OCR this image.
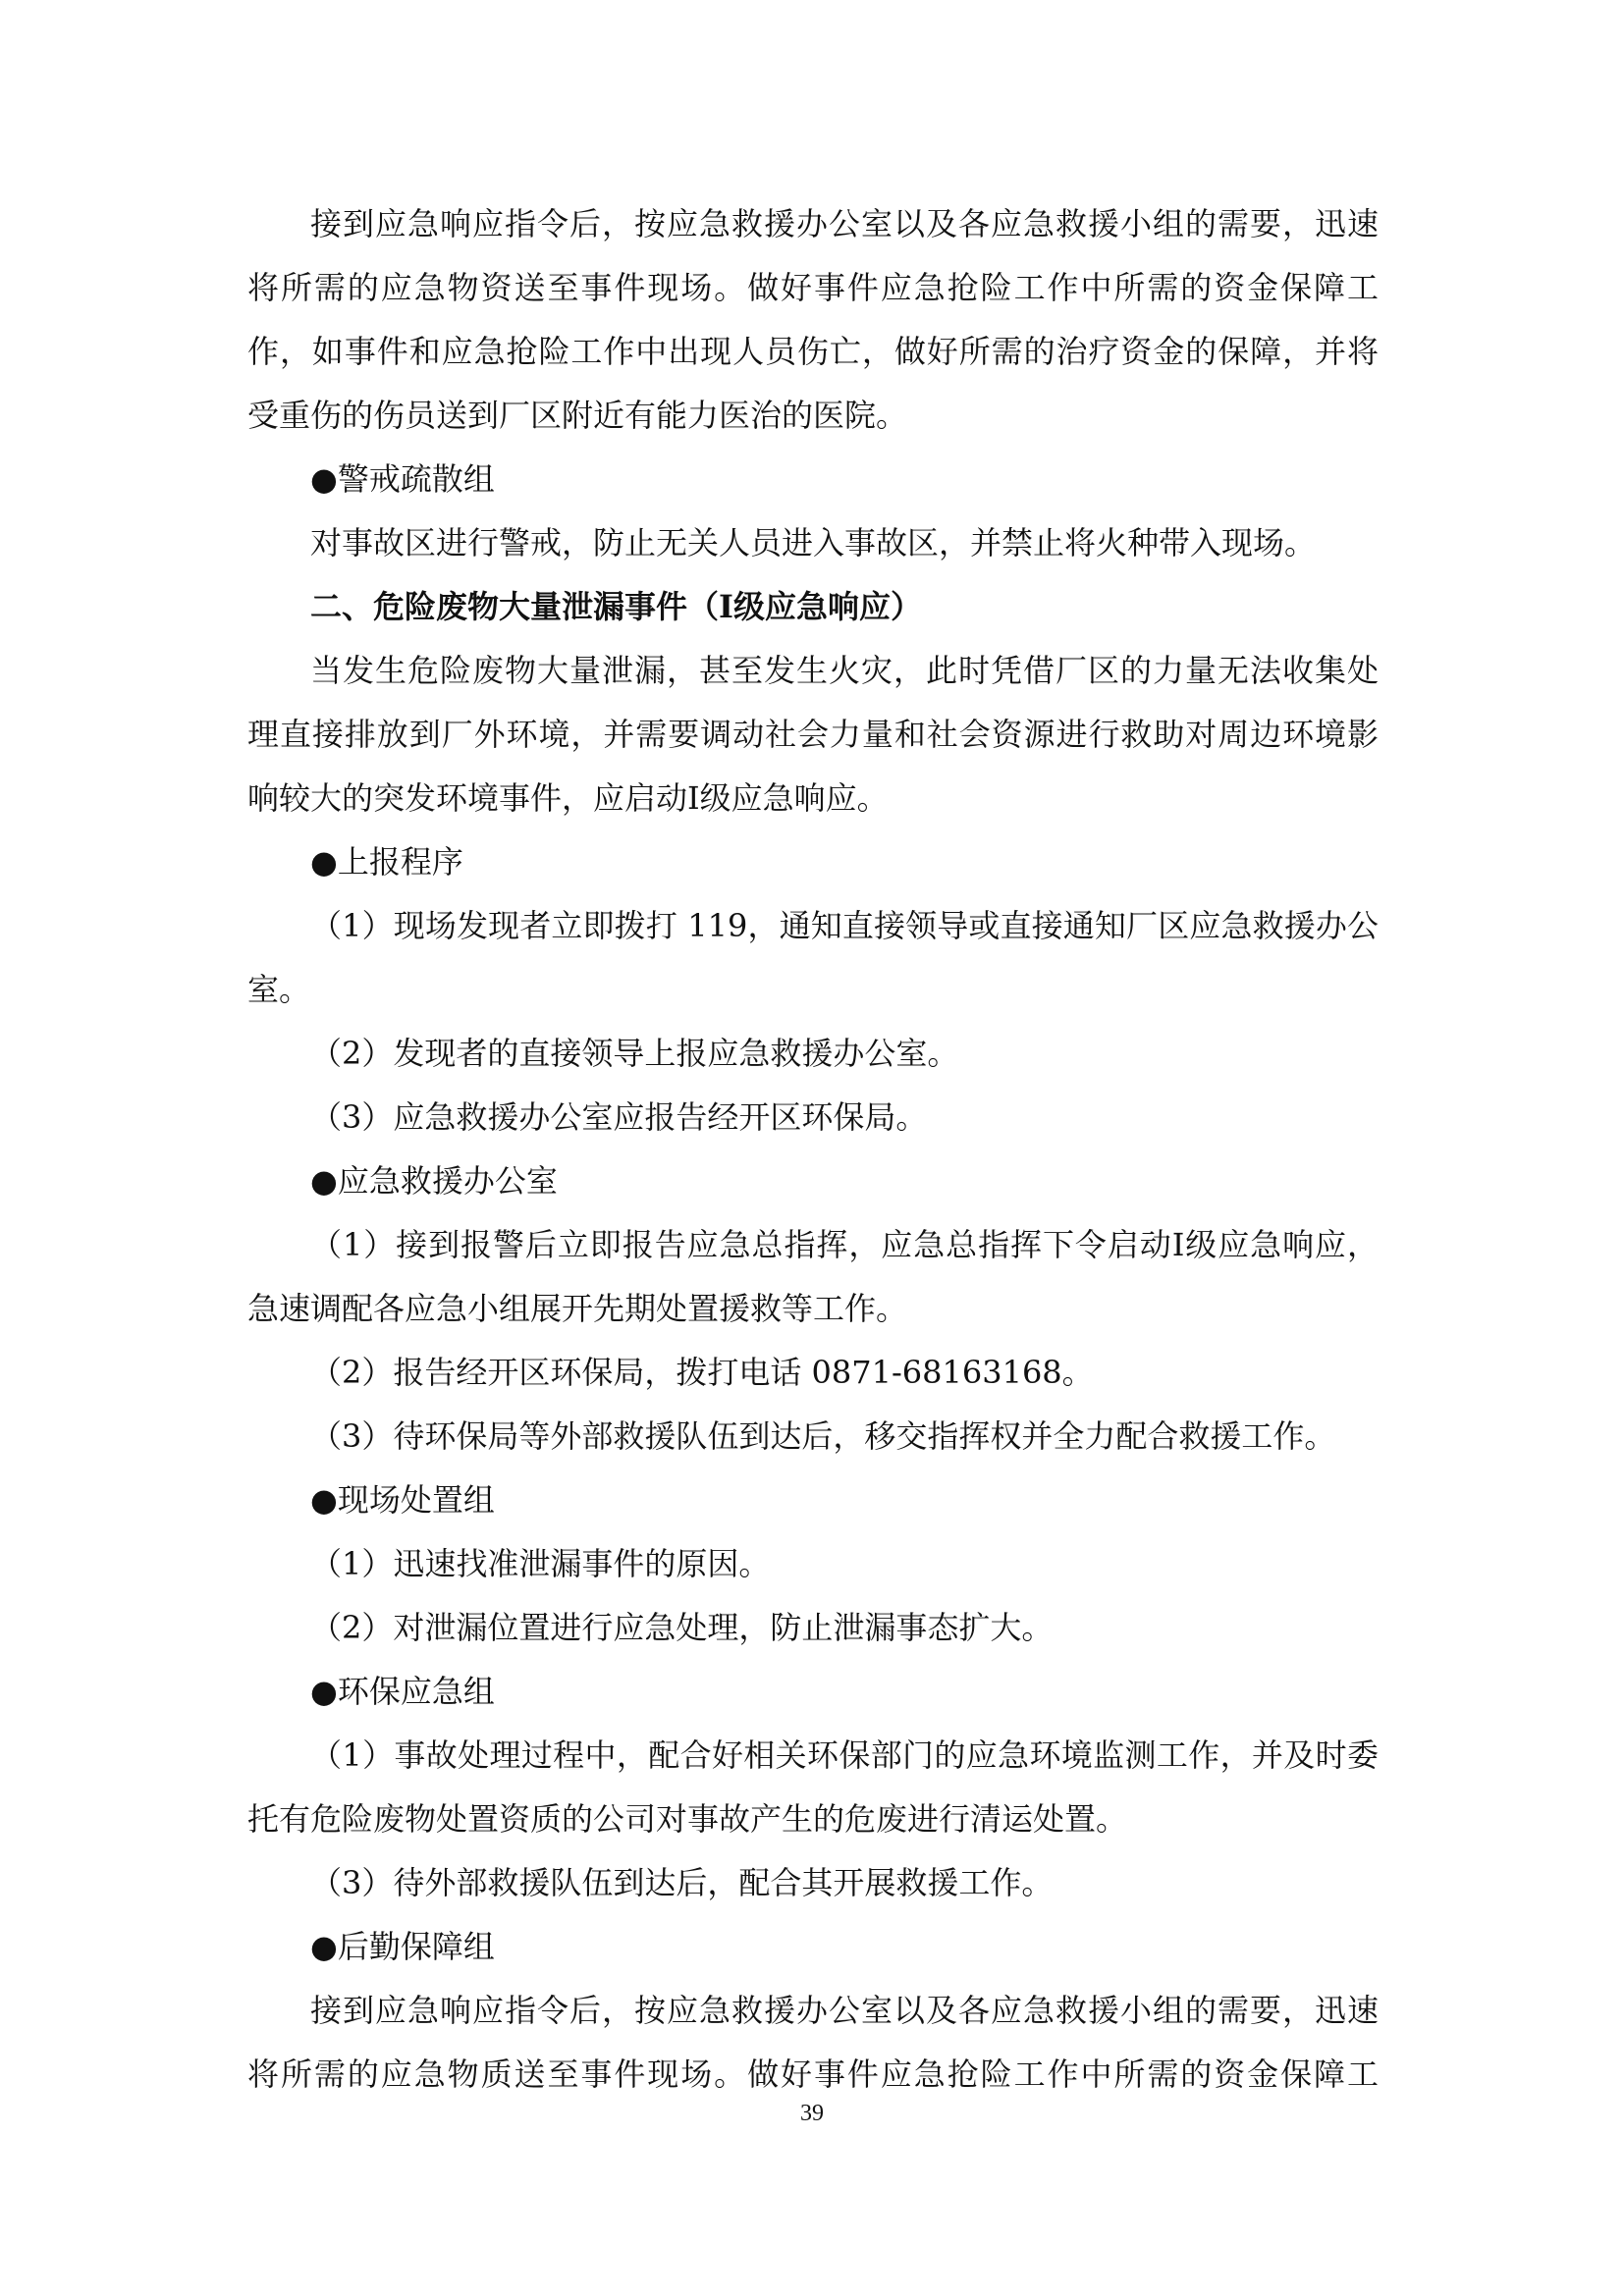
接到应急响应指令后，按应急救援办公室以及各应急救援小组的需要，迅速
将所需的应急物资送至事件现场。做好事件应急抢险工作中所需的资金保障工
作，如事件和应急抢险工作中出现人员伤亡，做好所需的治疗资金的保障，并将
受重伤的伤员送到厂区附近有能力医治的医院。
●警戒疏散组
对事故区进行警戒，防止无关人员进入事故区，并禁止将火种带入现场。
二、危险废物大量泄漏事件（Ⅰ级应急响应）
当发生危险废物大量泄漏，甚至发生火灾，此时凭借厂区的力量无法收集处
理直接排放到厂外环境，并需要调动社会力量和社会资源进行救助对周边环境影
响较大的突发环境事件，应启动Ⅰ级应急响应。
●上报程序
（1）现场发现者立即拨打 119，通知直接领导或直接通知厂区应急救援办公
室。
（2）发现者的直接领导上报应急救援办公室。
（3）应急救援办公室应报告经开区环保局。
●应急救援办公室
（1）接到报警后立即报告应急总指挥，应急总指挥下令启动Ⅰ级应急响应，
急速调配各应急小组展开先期处置援救等工作。
（2）报告经开区环保局，拨打电话 0871-68163168。
（3）待环保局等外部救援队伍到达后，移交指挥权并全力配合救援工作。
●现场处置组
（1）迅速找准泄漏事件的原因。
（2）对泄漏位置进行应急处理，防止泄漏事态扩大。
●环保应急组
（1）事故处理过程中，配合好相关环保部门的应急环境监测工作，并及时委
托有危险废物处置资质的公司对事故产生的危废进行清运处置。
（3）待外部救援队伍到达后，配合其开展救援工作。
●后勤保障组
接到应急响应指令后，按应急救援办公室以及各应急救援小组的需要，迅速
将所需的应急物质送至事件现场。做好事件应急抢险工作中所需的资金保障工
39
